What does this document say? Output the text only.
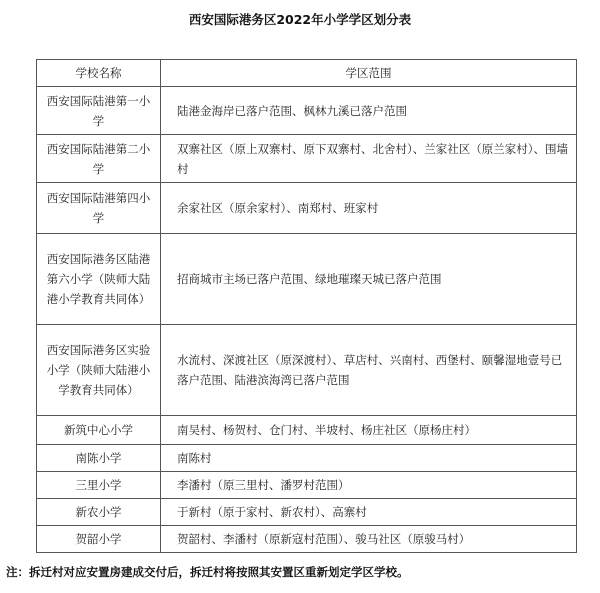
西安国际港务区2022年小学学区划分表
学校名称	学区范围
西安国际陆港第一小学	陆港金海岸已落户范围、枫林九溪已落户范围
西安国际陆港第二小学	双寨社区（原上双寨村、原下双寨村、北舍村）、兰家社区（原兰家村）、围墙村
西安国际陆港第四小学	余家社区（原余家村）、南郑村、班家村
西安国际港务区陆港第六小学（陕师大陆港小学教育共同体）	招商城市主场已落户范围、绿地璀璨天城已落户范围
西安国际港务区实验小学（陕师大陆港小学教育共同体）	水流村、深渡社区（原深渡村）、草店村、兴南村、西堡村、颐馨湿地壹号已落户范围、陆港滨海湾已落户范围
新筑中心小学	南吴村、杨贺村、仓门村、半坡村、杨庄社区（原杨庄村）
南陈小学	南陈村
三里小学	李潘村（原三里村、潘罗村范围）
新农小学	于新村（原于家村、新农村）、高寨村
贺韶小学	贺韶村、李潘村（原新寇村范围）、骏马社区（原骏马村）
注：拆迁村对应安置房建成交付后，拆迁村将按照其安置区重新划定学区学校。
